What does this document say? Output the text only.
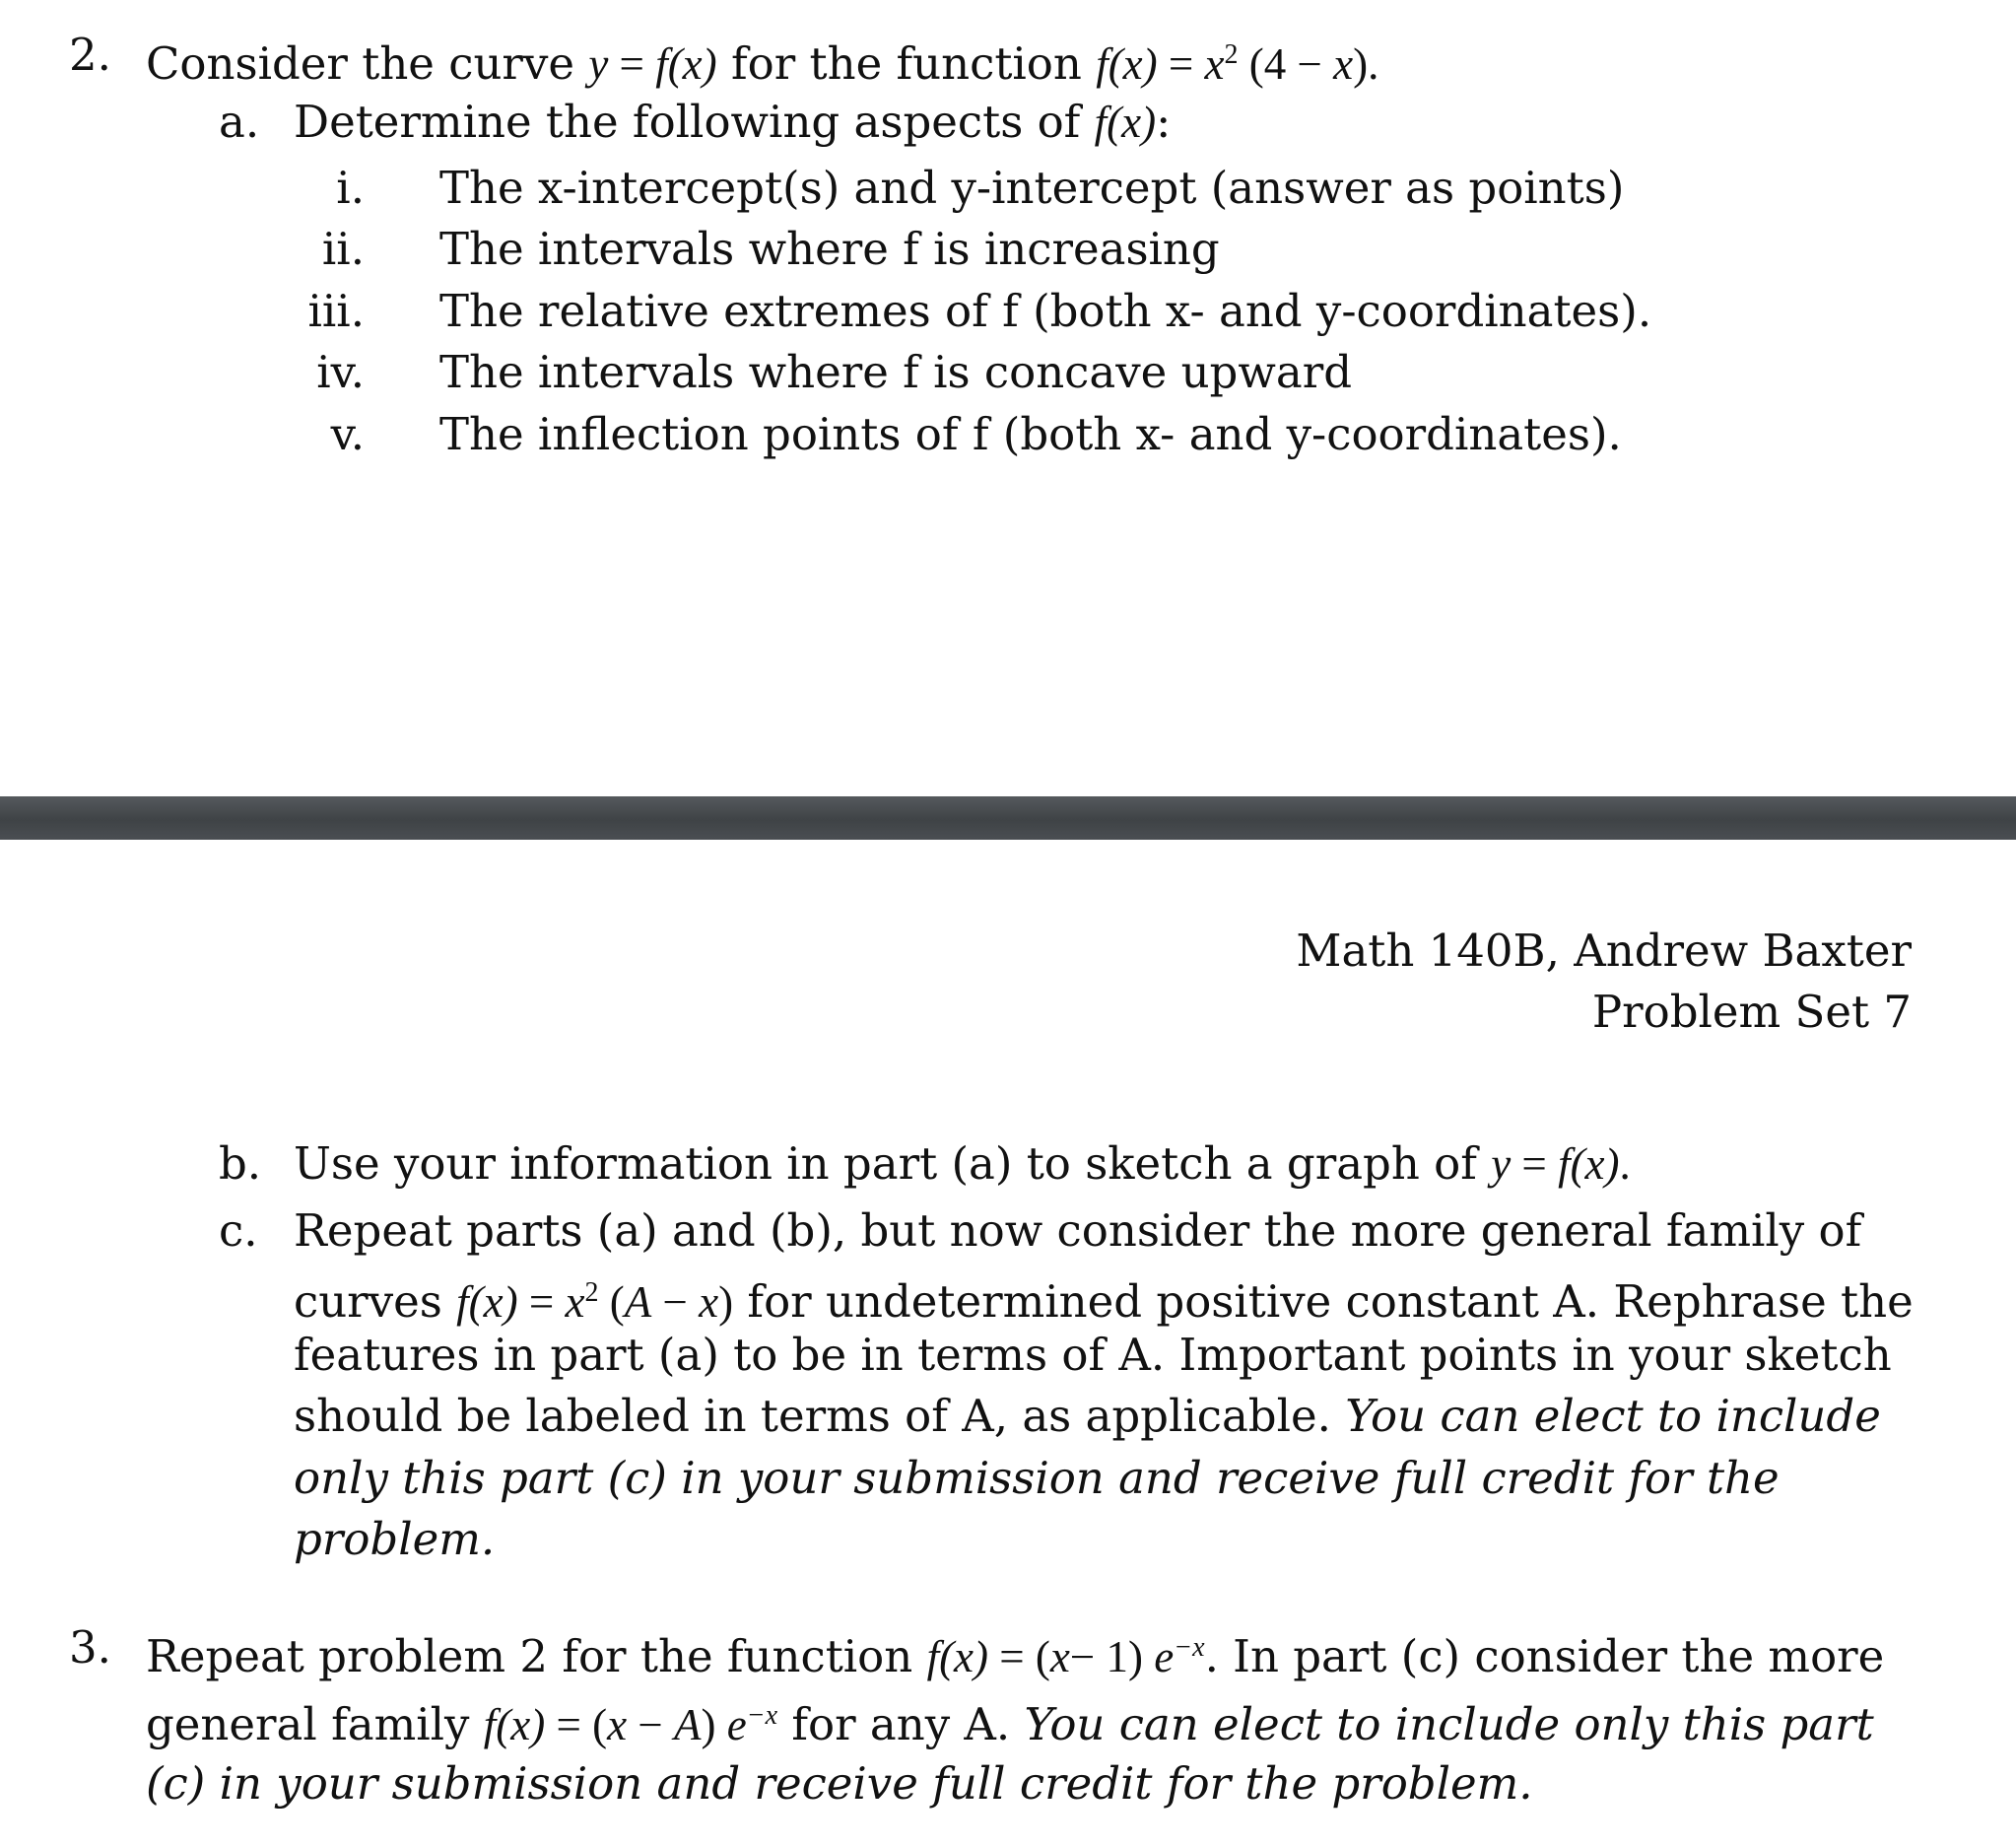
2. Consider the curve y = f(x) for the function $f(x) = x^2$ (4 − x).
a. Determine the following aspects of f(x):
i. The x-intercept(s) and y-intercept (answer as points)
ii. The intervals where f is increasing
iii. The relative extremes of f (both x- and y-coordinates).
iv. The intervals where f is concave upward
v. The inflection points of f (both x- and y-coordinates).
Math 140B, Andrew Baxter
Problem Set 7
b. Use your information in part (a) to sketch a graph of y = f(x).
c. Repeat parts (a) and (b), but now consider the more general family of
curves $f(x) = x^2$ (A − x) for undetermined positive constant A. Rephrase the
features in part (a) to be in terms of A. Important points in your sketch
should be labeled in terms of A, as applicable. You can elect to include
only this part (c) in your submission and receive full credit for the
problem.
3. Repeat problem 2 for the function f(x) = (x− 1) $e^{-x}$. In part (c) consider the more
general family f(x) = (x − A) $e^{-x}$ for any A. You can elect to include only this part
(c) in your submission and receive full credit for the problem.
